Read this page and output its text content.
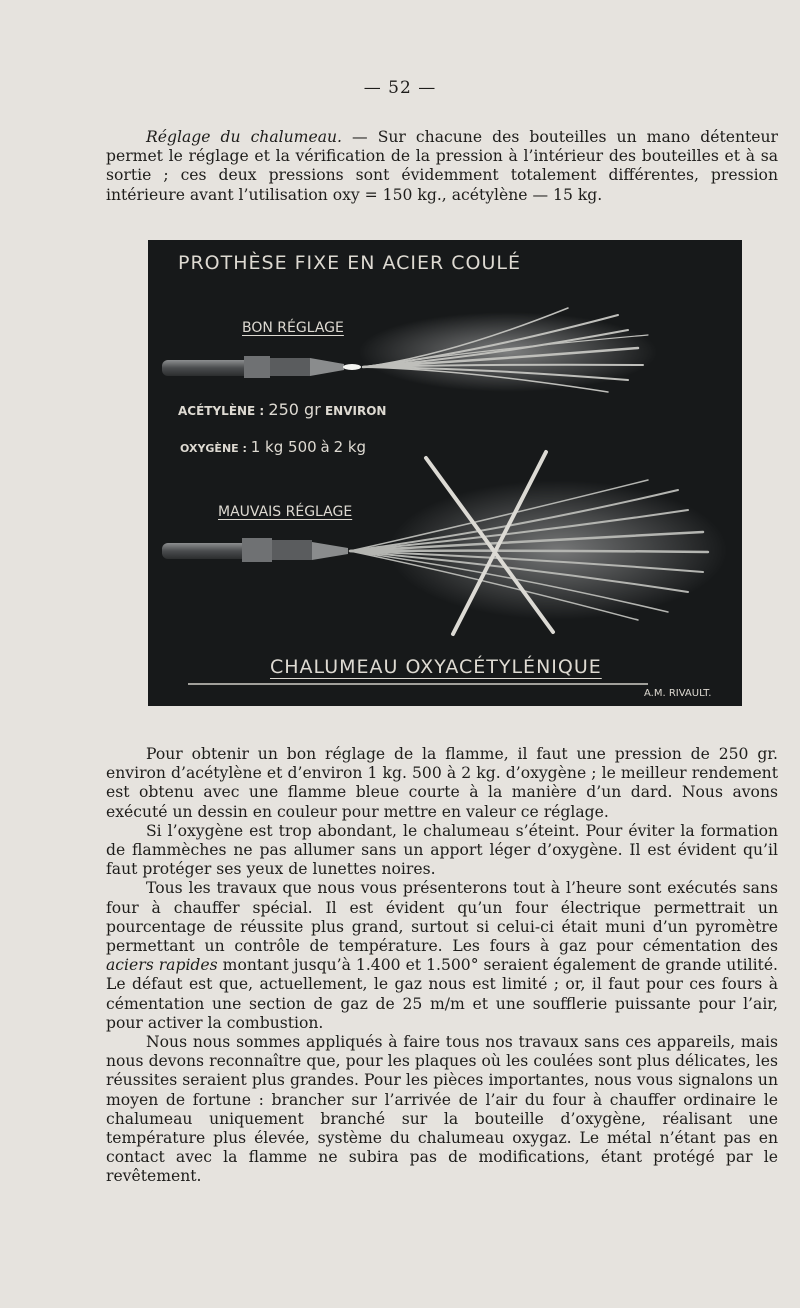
— 52 —

Réglage du chalumeau. — Sur chacune des bouteilles un mano détenteur permet le réglage et la vérification de la pression à l’intérieur des bouteilles et à sa sortie ; ces deux pressions sont évidemment totalement différentes, pression intérieure avant l’utilisation oxy = 150 kg., acétylène — 15 kg.

PROTHÈSE FIXE EN ACIER COULÉ
BON RÉGLAGE
ACÉTYLÈNE : 250 gr ENVIRON
OXYGÈNE : 1 kg 500 à 2 kg
MAUVAIS RÉGLAGE
CHALUMEAU OXYACÉTYLÉNIQUE
A.M. RIVAULT.

Pour obtenir un bon réglage de la flamme, il faut une pression de 250 gr. environ d’acétylène et d’environ 1 kg. 500 à 2 kg. d’oxygène ; le meilleur rendement est obtenu avec une flamme bleue courte à la manière d’un dard. Nous avons exécuté un dessin en couleur pour mettre en valeur ce réglage.

Si l’oxygène est trop abondant, le chalumeau s’éteint. Pour éviter la formation de flammèches ne pas allumer sans un apport léger d’oxygène. Il est évident qu’il faut protéger ses yeux de lunettes noires.

Tous les travaux que nous vous présenterons tout à l’heure sont exécutés sans four à chauffer spécial. Il est évident qu’un four électrique permettrait un pourcentage de réussite plus grand, surtout si celui-ci était muni d’un pyromètre permettant un contrôle de température. Les fours à gaz pour cémentation des aciers rapides montant jusqu’à 1.400 et 1.500° seraient également de grande utilité. Le défaut est que, actuellement, le gaz nous est limité ; or, il faut pour ces fours à cémentation une section de gaz de 25 m/m et une soufflerie puissante pour l’air, pour activer la combustion.

Nous nous sommes appliqués à faire tous nos travaux sans ces appareils, mais nous devons reconnaître que, pour les plaques où les coulées sont plus délicates, les réussites seraient plus grandes. Pour les pièces importantes, nous vous signalons un moyen de fortune : brancher sur l’arrivée de l’air du four à chauffer ordinaire le chalumeau uniquement branché sur la bouteille d’oxygène, réalisant une température plus élevée, système du chalumeau oxygaz. Le métal n’étant pas en contact avec la flamme ne subira pas de modifications, étant protégé par le revêtement.
